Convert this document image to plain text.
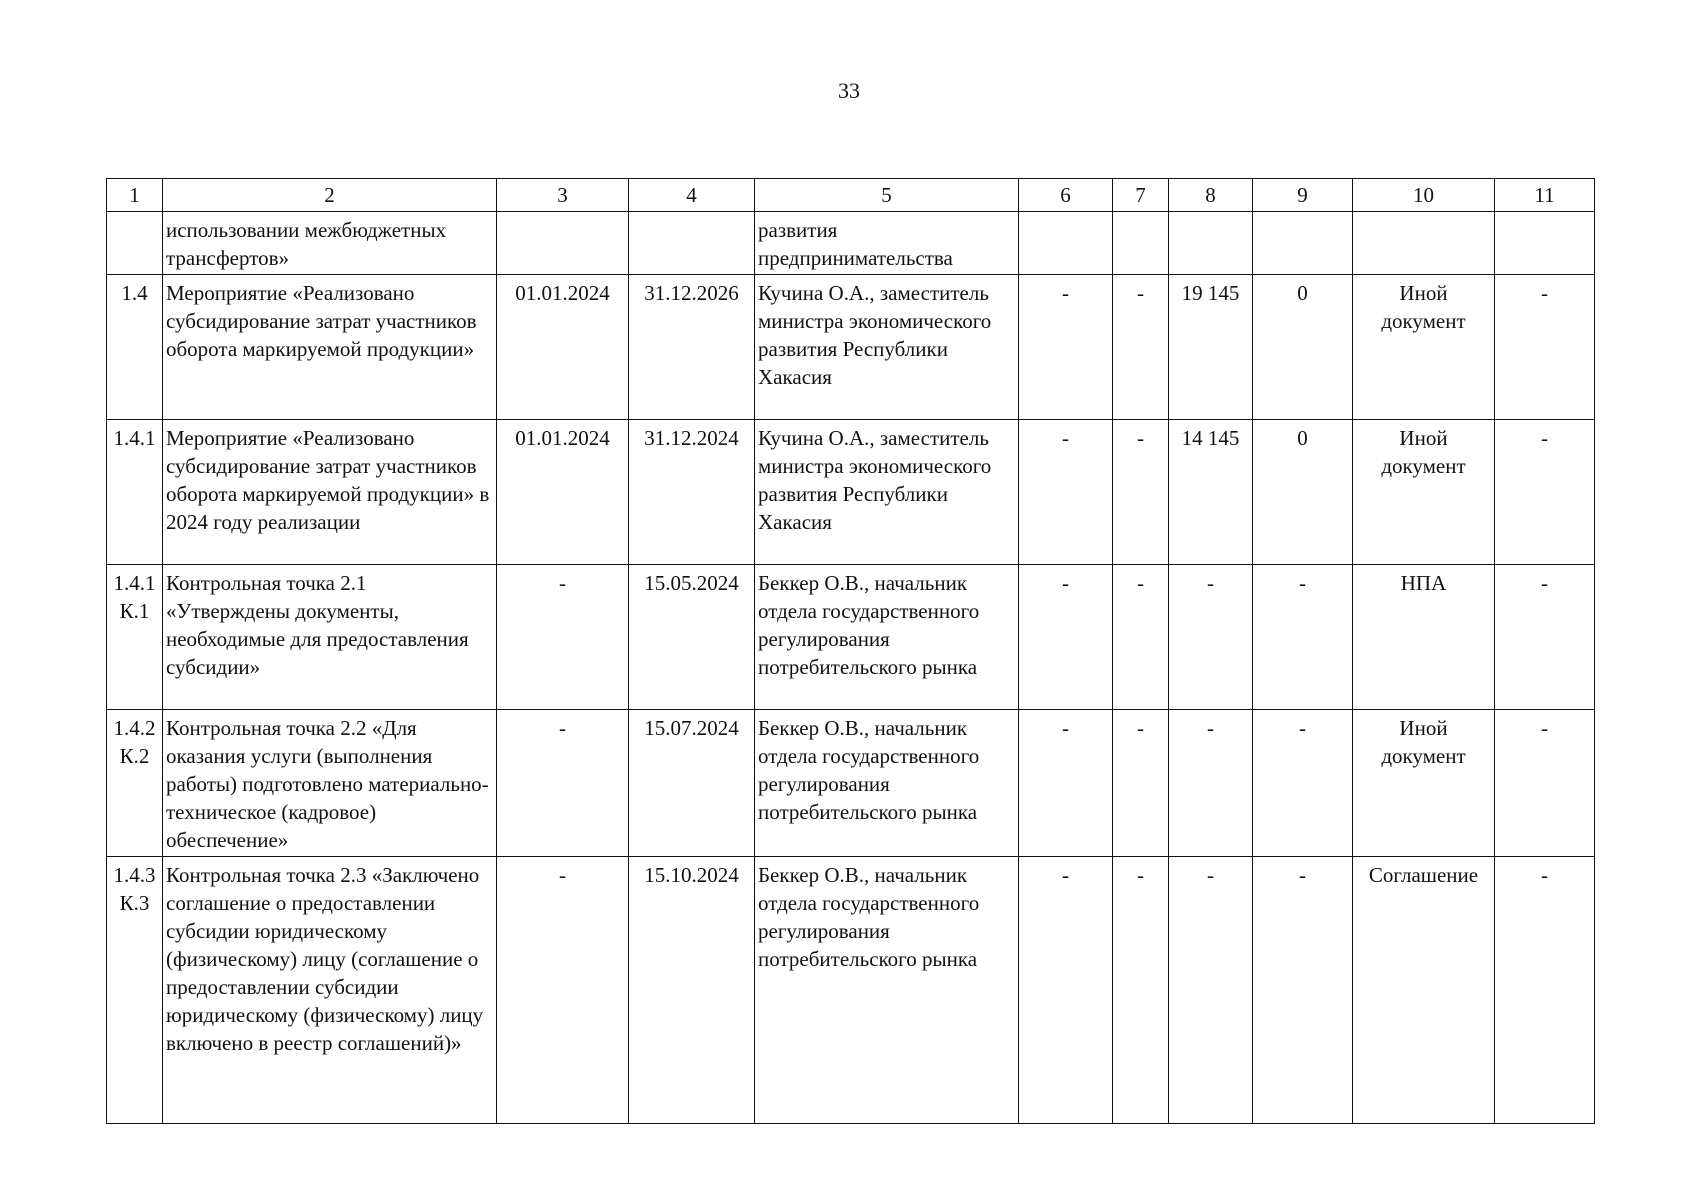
33
1	2	3	4	5	6	7	8	9	10	11
	использовании межбюджетных трансфертов»			развития предпринимательства						
1.4	Мероприятие «Реализовано субсидирование затрат участников оборота маркируемой продукции»	01.01.2024	31.12.2026	Кучина О.А., заместитель министра экономического развития Республики Хакасия	-	-	19 145	0	Иной документ	-
1.4.1	Мероприятие «Реализовано субсидирование затрат участников оборота маркируемой продукции» в 2024 году реализации	01.01.2024	31.12.2024	Кучина О.А., заместитель министра экономического развития Республики Хакасия	-	-	14 145	0	Иной документ	-
1.4.1 К.1	Контрольная точка 2.1 «Утверждены документы, необходимые для предоставления субсидии»	-	15.05.2024	Беккер О.В., начальник отдела государственного регулирования потребительского рынка	-	-	-	-	НПА	-
1.4.2 К.2	Контрольная точка 2.2 «Для оказания услуги (выполнения работы) подготовлено материально- техническое (кадровое) обеспечение»	-	15.07.2024	Беккер О.В., начальник отдела государственного регулирования потребительского рынка	-	-	-	-	Иной документ	-
1.4.3 К.3	Контрольная точка 2.3 «Заключено соглашение о предоставлении субсидии юридическому (физическому) лицу (соглашение о предоставлении субсидии юридическому (физическому) лицу включено в реестр соглашений)»	-	15.10.2024	Беккер О.В., начальник отдела государственного регулирования потребительского рынка	-	-	-	-	Соглашение	-
